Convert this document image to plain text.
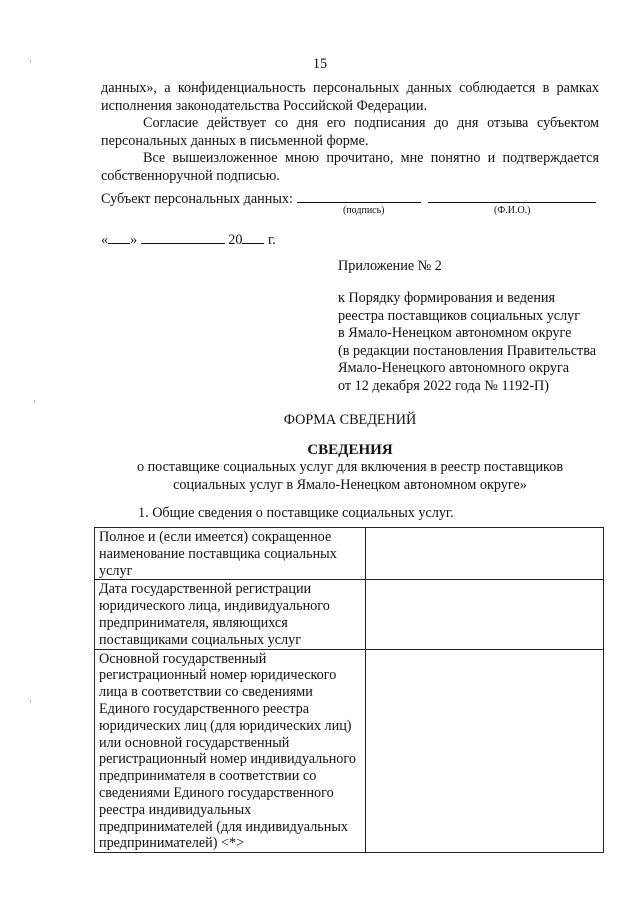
15

данных», а конфиденциальность персональных данных соблюдается в рамках исполнения законодательства Российской Федерации.

Согласие действует со дня его подписания до дня отзыва субъектом персональных данных в письменной форме.

Все вышеизложенное мною прочитано, мне понятно и подтверждается собственноручной подписью.

Субъект персональных данных:
(подпись)	(Ф.И.О.)
« »	20 г.
Приложение № 2
к Порядку формирования и ведения
реестра поставщиков социальных услуг
в Ямало-Ненецком автономном округе
(в редакции постановления Правительства
Ямало-Ненецкого автономного округа
от 12 декабря 2022 года № 1192-П)
ФОРМА СВЕДЕНИЙ
СВЕДЕНИЯ
о поставщике социальных услуг для включения в реестр поставщиков
социальных услуг в Ямало-Ненецком автономном округе»
1. Общие сведения о поставщике социальных услуг.
Полное и (если имеется) сокращенное наименование поставщика социальных услуг	
Дата государственной регистрации юридического лица, индивидуального предпринимателя, являющихся поставщиками социальных услуг	
Основной государственный регистрационный номер юридического лица в соответствии со сведениями Единого государственного реестра юридических лиц (для юридических лиц) или основной государственный регистрационный номер индивидуального предпринимателя в соответствии со сведениями Единого государственного реестра индивидуальных предпринимателей (для индивидуальных предпринимателей) <*>	
